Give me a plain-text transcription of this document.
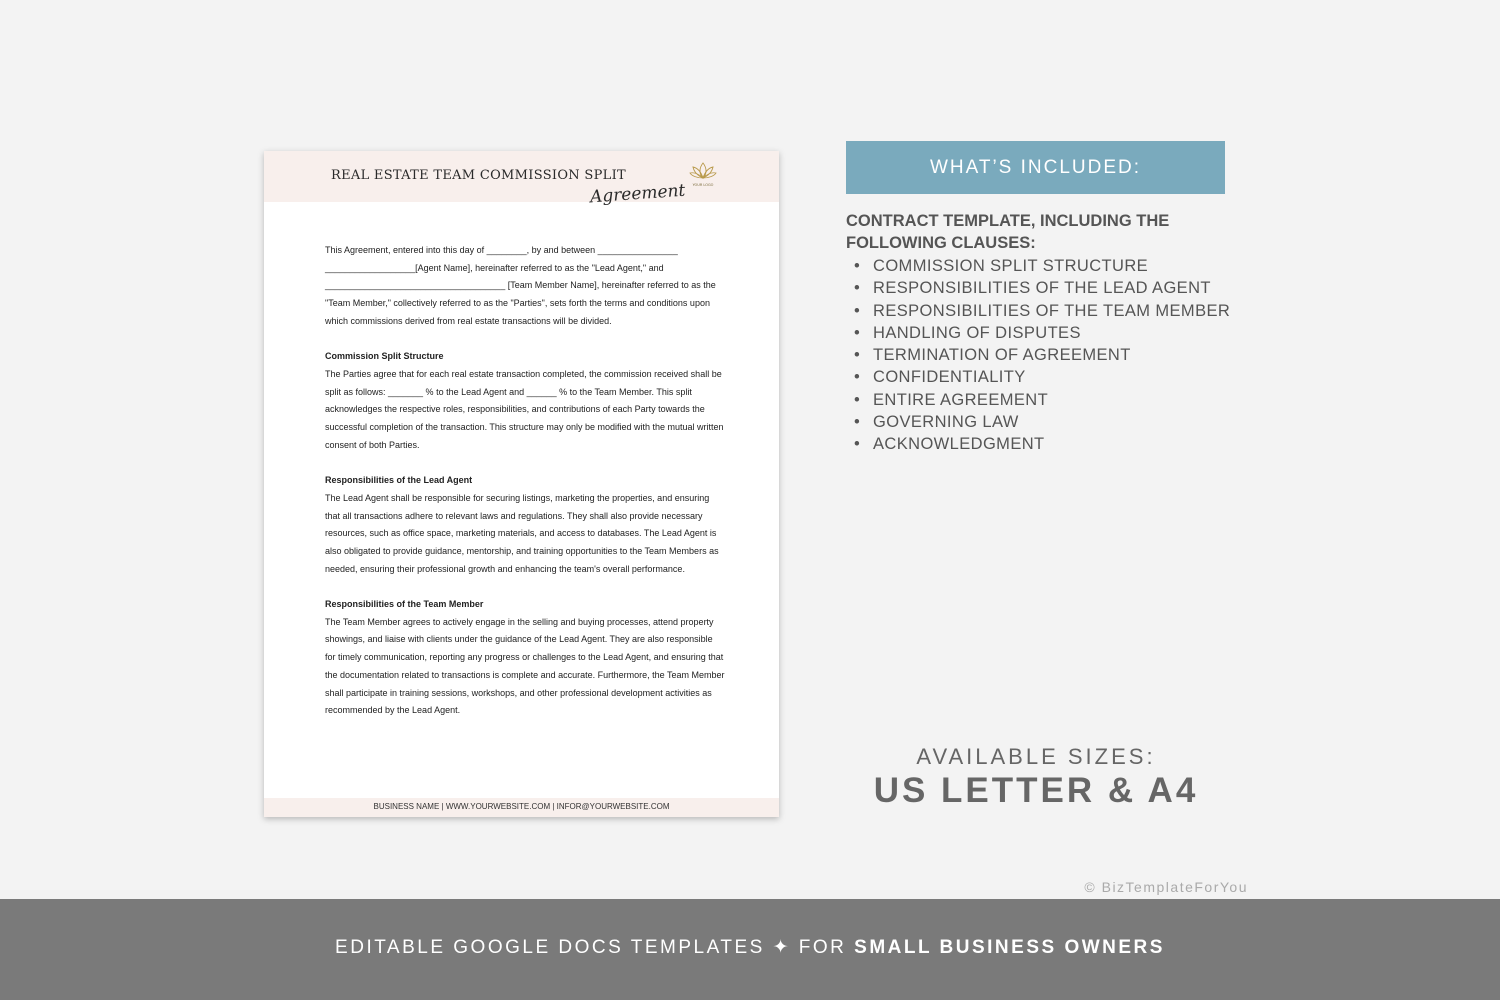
REAL ESTATE TEAM COMMISSION SPLIT
Agreement	YOUR LOGO

This Agreement, entered into this day of ________, by and between ________________ __________________[Agent Name], hereinafter referred to as the "Lead Agent," and ____________________________________ [Team Member Name], hereinafter referred to as the "Team Member," collectively referred to as the "Parties", sets forth the terms and conditions upon which commissions derived from real estate transactions will be divided.

Commission Split Structure
The Parties agree that for each real estate transaction completed, the commission received shall be split as follows: _______ % to the Lead Agent and ______ % to the Team Member. This split acknowledges the respective roles, responsibilities, and contributions of each Party towards the successful completion of the transaction. This structure may only be modified with the mutual written consent of both Parties.

Responsibilities of the Lead Agent
The Lead Agent shall be responsible for securing listings, marketing the properties, and ensuring that all transactions adhere to relevant laws and regulations. They shall also provide necessary resources, such as office space, marketing materials, and access to databases. The Lead Agent is also obligated to provide guidance, mentorship, and training opportunities to the Team Members as needed, ensuring their professional growth and enhancing the team's overall performance.

Responsibilities of the Team Member
The Team Member agrees to actively engage in the selling and buying processes, attend property showings, and liaise with clients under the guidance of the Lead Agent. They are also responsible for timely communication, reporting any progress or challenges to the Lead Agent, and ensuring that the documentation related to transactions is complete and accurate. Furthermore, the Team Member shall participate in training sessions, workshops, and other professional development activities as recommended by the Lead Agent.

BUSINESS NAME | WWW.YOURWEBSITE.COM | INFOR@YOURWEBSITE.COM
WHAT’S INCLUDED:
CONTRACT TEMPLATE, INCLUDING THE FOLLOWING CLAUSES:
• COMMISSION SPLIT STRUCTURE
• RESPONSIBILITIES OF THE LEAD AGENT
• RESPONSIBILITIES OF THE TEAM MEMBER
• HANDLING OF DISPUTES
• TERMINATION OF AGREEMENT
• CONFIDENTIALITY
• ENTIRE AGREEMENT
• GOVERNING LAW
• ACKNOWLEDGMENT
AVAILABLE SIZES:
US LETTER & A4
© BizTemplateForYou
EDITABLE GOOGLE DOCS TEMPLATES ✦ FOR SMALL BUSINESS OWNERS
